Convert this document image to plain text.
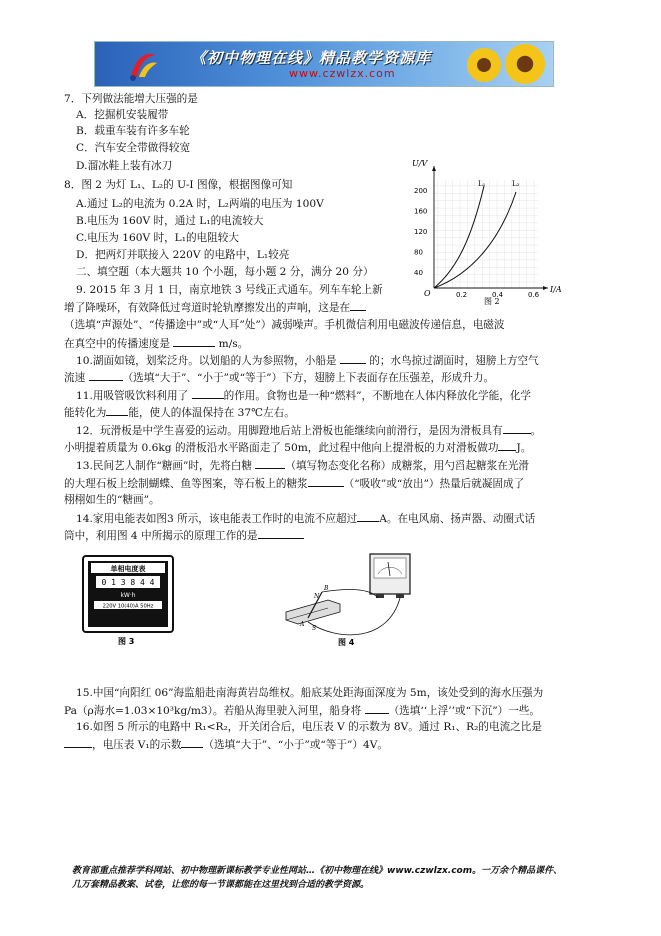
《初中物理在线》精品教学资源库
www.czwlzx.com
7．下列做法能增大压强的是
A．挖掘机安装履带
B．载重车装有许多车轮
C．汽车安全带做得较宽
D.溜冰鞋上装有冰刀
8．图 2 为灯 L₁、L₂的 U-I 图像，根据图像可知
A.通过 L₂的电流为 0.2A 时，L₂两端的电压为 100V
B.电压为 160V 时，通过 L₁的电流较大
C.电压为 160V 时，L₁的电阻较大
D．把两灯并联接入 220V 的电路中，L₁较亮
二、填空题（本大题共 10 个小题，每小题 2 分，满分 20 分）
9. 2015 年 3 月 1 日，南京地铁 3 号线正式通车。列车车轮上新
增了降噪环，有效降低过弯道时轮轨摩擦发出的声响，这是在
（选填“声源处”、“传播途中”或“人耳”处”）减弱噪声。手机微信利用电磁波传递信息，电磁波
在真空中的传播速度是	m/s。
10.湖面如镜，划桨泛舟。以划船的人为参照物，小船是  的；水鸟掠过湖面时，翅膀上方空气
流速	（选填“大于”、“小于”或“等于”）下方，翅膀上下表面存在压强差，形成升力。
11.用吸管吸饮料利用了	的作用。食物也是一种“燃料”，不断地在人体内释放化学能，化学
能转化为 能，使人的体温保持在 37℃左右。
12．玩滑板是中学生喜爱的运动。用脚蹬地后站上滑板也能继续向前滑行，是因为滑板具有	。
小明提着质量为 0.6kg 的滑板沿水平路面走了 50m，此过程中他向上提滑板的力对滑板做功 J。
13.民间艺人制作“糖画”时，先将白糖	（填写物态变化名称）成糖浆，用勺舀起糖浆在光滑
的大理石板上绘制蝴蝶、鱼等图案，等石板上的糖浆	（“吸收”或“放出”）热量后就凝固成了
栩栩如生的“糖画”。
14.家用电能表如图3 所示，该电能表工作时的电流不应超过 A。在电风扇、扬声器、动圈式话
筒中，利用图 4 中所揭示的原理工作的是
15.中国“向阳红 06”海监船赴南海黄岩岛维权。船底某处距海面深度为 5m，该处受到的海水压强为
Pa（ρ海水=1.03×10³kg/m3）。若船从海里驶入河里，船身将 （选填‘‘上浮’’或“下沉”）一些。
16.如图 5 所示的电路中 R₁<R₂，开关闭合后，电压表 V 的示数为 8V。通过 R₁、R₂的电流之比是
，电压表 V₁的示数 （选填“大于”、“小于”或“等于”）4V。
U/V
I/A
O
200
160
120
80
40
0.2	0.4	0.6
L₁	L₂
图 2
单相电度表
0 1 3 8 4 4
kW·h
220V 10(40)A 50Hz
图 3
N
S
A
B
图 4
教育部重点推荐学科网站、初中物理新课标教学专业性网站…《初中物理在线》www.czwlzx.com。一万余个精品课件、
几万套精品教案、试卷，让您的每一节课都能在这里找到合适的教学资源。
